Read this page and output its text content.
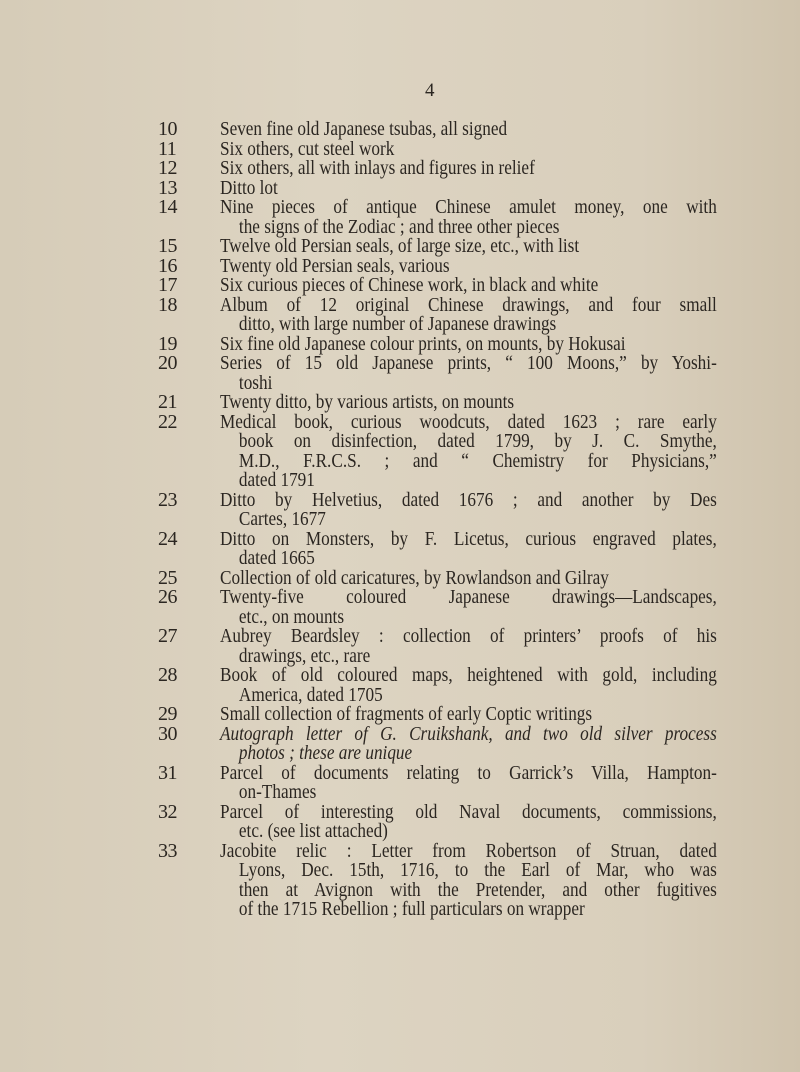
4
10	Seven fine old Japanese tsubas, all signed
11	Six others, cut steel work
12	Six others, all with inlays and figures in relief
13	Ditto lot
14	Nine pieces of antique Chinese amulet money, one with
the signs of the Zodiac ; and three other pieces
15	Twelve old Persian seals, of large size, etc., with list
16	Twenty old Persian seals, various
17	Six curious pieces of Chinese work, in black and white
18	Album of 12 original Chinese drawings, and four small
ditto, with large number of Japanese drawings
19	Six fine old Japanese colour prints, on mounts, by Hokusai
20	Series of 15 old Japanese prints, “ 100 Moons,” by Yoshi-
toshi
21	Twenty ditto, by various artists, on mounts
22	Medical book, curious woodcuts, dated 1623 ; rare early
book on disinfection, dated 1799, by J. C. Smythe,
M.D., F.R.C.S. ; and “ Chemistry for Physicians,”
dated 1791
23	Ditto by Helvetius, dated 1676 ; and another by Des
Cartes, 1677
24	Ditto on Monsters, by F. Licetus, curious engraved plates,
dated 1665
25	Collection of old caricatures, by Rowlandson and Gilray
26	Twenty-five coloured Japanese drawings—Landscapes,
etc., on mounts
27	Aubrey Beardsley : collection of printers’ proofs of his
drawings, etc., rare
28	Book of old coloured maps, heightened with gold, including
America, dated 1705
29	Small collection of fragments of early Coptic writings
30	Autograph letter of G. Cruikshank, and two old silver process
photos ; these are unique
31	Parcel of documents relating to Garrick’s Villa, Hampton-
on-Thames
32	Parcel of interesting old Naval documents, commissions,
etc. (see list attached)
33	Jacobite relic : Letter from Robertson of Struan, dated
Lyons, Dec. 15th, 1716, to the Earl of Mar, who was
then at Avignon with the Pretender, and other fugitives
of the 1715 Rebellion ; full particulars on wrapper
